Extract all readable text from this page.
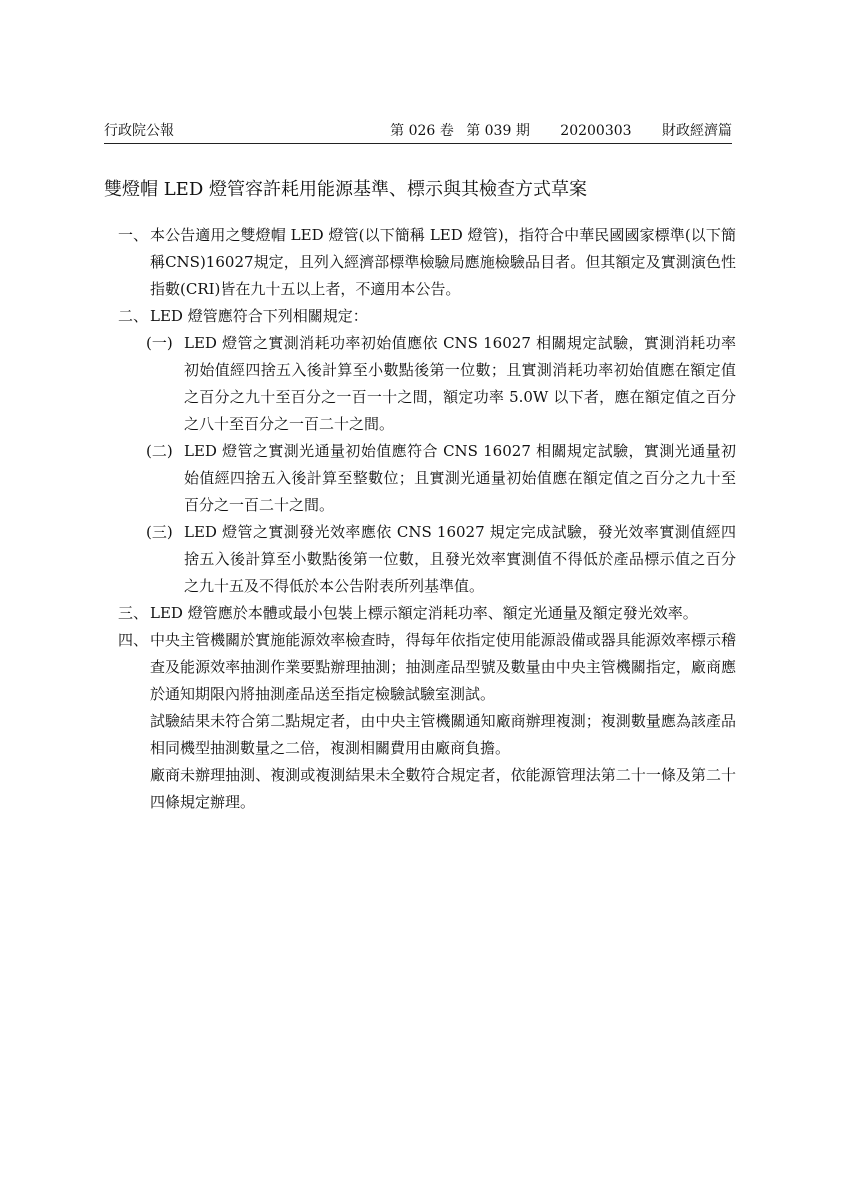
行政院公報	第 026 卷 第 039 期 20200303 財政經濟篇
雙燈帽 LED 燈管容許耗用能源基準、標示與其檢查方式草案
一、 本公告適用之雙燈帽 LED 燈管(以下簡稱 LED 燈管)，指符合中華民國國家標準(以下簡稱CNS)16027規定，且列入經濟部標準檢驗局應施檢驗品目者。但其額定及實測演色性指數(CRI)皆在九十五以上者，不適用本公告。
二、 LED 燈管應符合下列相關規定：
(一) LED 燈管之實測消耗功率初始值應依 CNS 16027 相關規定試驗，實測消耗功率初始值經四捨五入後計算至小數點後第一位數；且實測消耗功率初始值應在額定值之百分之九十至百分之一百一十之間，額定功率 5.0W 以下者，應在額定值之百分之八十至百分之一百二十之間。
(二) LED 燈管之實測光通量初始值應符合 CNS 16027 相關規定試驗，實測光通量初始值經四捨五入後計算至整數位；且實測光通量初始值應在額定值之百分之九十至百分之一百二十之間。
(三) LED 燈管之實測發光效率應依 CNS 16027 規定完成試驗，發光效率實測值經四捨五入後計算至小數點後第一位數，且發光效率實測值不得低於產品標示值之百分之九十五及不得低於本公告附表所列基準值。
三、 LED 燈管應於本體或最小包裝上標示額定消耗功率、額定光通量及額定發光效率。
四、 中央主管機關於實施能源效率檢查時，得每年依指定使用能源設備或器具能源效率標示稽查及能源效率抽測作業要點辦理抽測；抽測產品型號及數量由中央主管機關指定，廠商應於通知期限內將抽測產品送至指定檢驗試驗室測試。
試驗結果未符合第二點規定者，由中央主管機關通知廠商辦理複測；複測數量應為該產品相同機型抽測數量之二倍，複測相關費用由廠商負擔。
廠商未辦理抽測、複測或複測結果未全數符合規定者，依能源管理法第二十一條及第二十四條規定辦理。
